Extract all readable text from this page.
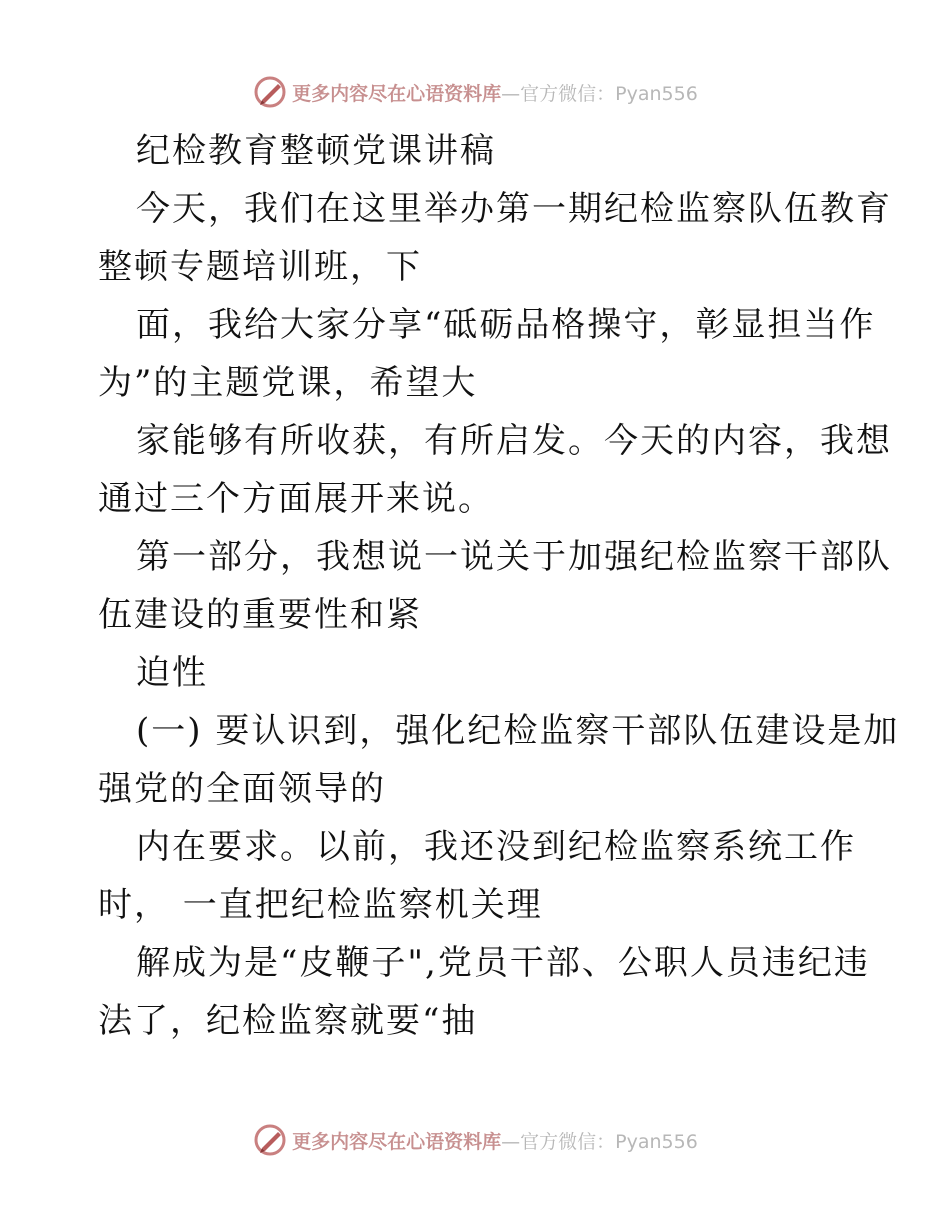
更多内容尽在心语资料库 —官方微信：Pyan556
纪检教育整顿党课讲稿
今天，我们在这里举办第一期纪检监察队伍教育
整顿专题培训班，下
面，我给大家分享“砥砺品格操守，彰显担当作
为”的主题党课，希望大
家能够有所收获，有所启发。今天的内容，我想
通过三个方面展开来说。
第一部分，我想说一说关于加强纪检监察干部队
伍建设的重要性和紧
迫性
(一) 要认识到，强化纪检监察干部队伍建设是加
强党的全面领导的
内在要求。以前，我还没到纪检监察系统工作
时， 一直把纪检监察机关理
解成为是“皮鞭子",党员干部、公职人员违纪违
法了，纪检监察就要“抽
更多内容尽在心语资料库 —官方微信：Pyan556
